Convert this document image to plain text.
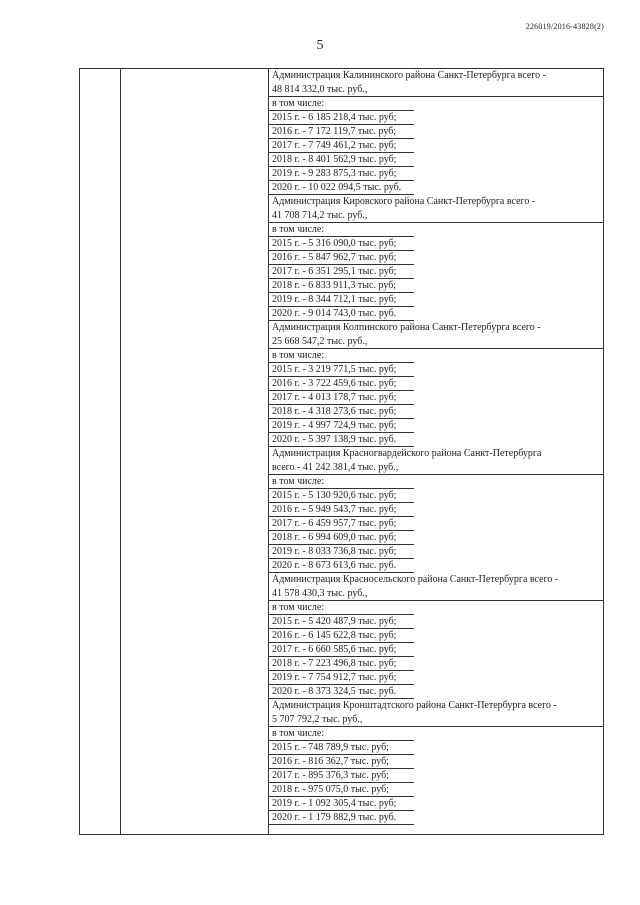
226019/2016-43828(2)
5
Администрация Калининского района Санкт-Петербурга всего -
48 814 332,0 тыс. руб.,
в том числе:
2015 г. - 6 185 218,4 тыс. руб;
2016 г. - 7 172 119,7 тыс. руб;
2017 г. - 7 749 461,2 тыс. руб;
2018 г. - 8 401 562,9 тыс. руб;
2019 г. - 9 283 875,3 тыс. руб;
2020 г. - 10 022 094,5 тыс. руб.
Администрация Кировского района Санкт-Петербурга всего -
41 708 714,2 тыс. руб.,
в том числе:
2015 г. - 5 316 090,0 тыс. руб;
2016 г. - 5 847 962,7 тыс. руб;
2017 г. - 6 351 295,1 тыс. руб;
2018 г. - 6 833 911,3 тыс. руб;
2019 г. - 8 344 712,1 тыс. руб;
2020 г. - 9 014 743,0 тыс. руб.
Администрация Колпинского района Санкт-Петербурга всего -
25 668 547,2 тыс. руб.,
в том числе:
2015 г. - 3 219 771,5 тыс. руб;
2016 г. - 3 722 459,6 тыс. руб;
2017 г. - 4 013 178,7 тыс. руб;
2018 г. - 4 318 273,6 тыс. руб;
2019 г. - 4 997 724,9 тыс. руб;
2020 г. - 5 397 138,9 тыс. руб.
Администрация Красногвардейского района Санкт-Петербурга
всего - 41 242 381,4 тыс. руб.,
в том числе:
2015 г. - 5 130 920,6 тыс. руб;
2016 г. - 5 949 543,7 тыс. руб;
2017 г. - 6 459 957,7 тыс. руб;
2018 г. - 6 994 609,0 тыс. руб;
2019 г. - 8 033 736,8 тыс. руб;
2020 г. - 8 673 613,6 тыс. руб.
Администрация Красносельского района Санкт-Петербурга всего -
41 578 430,3 тыс. руб.,
в том числе:
2015 г. - 5 420 487,9 тыс. руб;
2016 г. - 6 145 622,8 тыс. руб;
2017 г. - 6 660 585,6 тыс. руб;
2018 г. - 7 223 496,8 тыс. руб;
2019 г. - 7 754 912,7 тыс. руб;
2020 г. - 8 373 324,5 тыс. руб.
Администрация Кронштадтского района Санкт-Петербурга всего -
5 707 792,2 тыс. руб.,
в том числе:
2015 г. - 748 789,9 тыс. руб;
2016 г. - 816 362,7 тыс. руб;
2017 г. - 895 376,3 тыс. руб;
2018 г. - 975 075,0 тыс. руб;
2019 г. - 1 092 305,4 тыс. руб;
2020 г. - 1 179 882,9 тыс. руб.
